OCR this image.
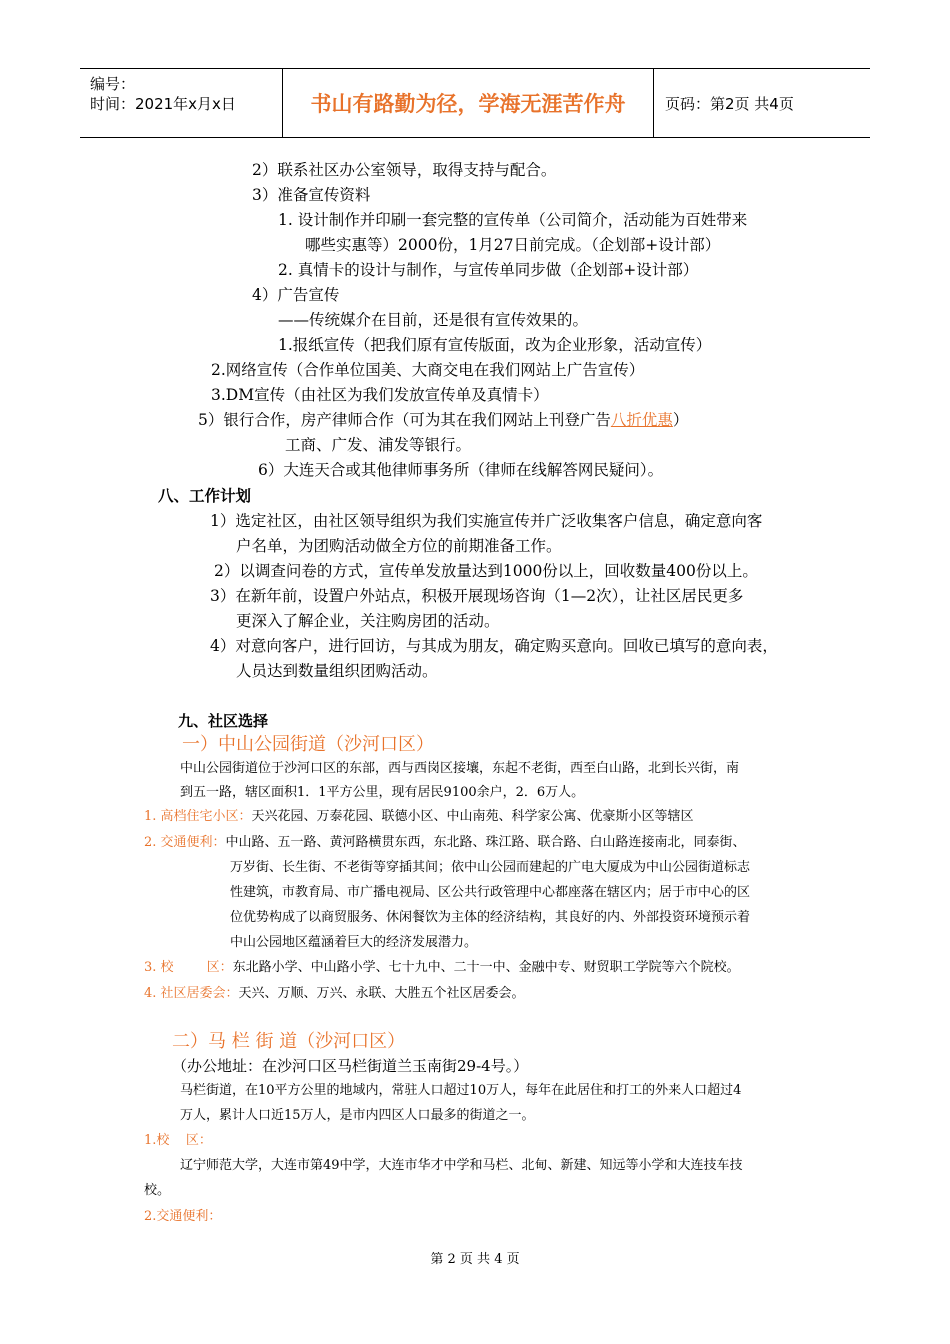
编号：
时间：2021年x月x日	书山有路勤为径，学海无涯苦作舟	页码：第2页 共4页
2）联系社区办公室领导，取得支持与配合。
3）准备宣传资料
1. 设计制作并印刷一套完整的宣传单（公司简介，活动能为百姓带来
哪些实惠等）2000份，1月27日前完成。（企划部+设计部）
2. 真情卡的设计与制作，与宣传单同步做（企划部+设计部）
4）广告宣传
——传统媒介在目前，还是很有宣传效果的。
1.报纸宣传（把我们原有宣传版面，改为企业形象，活动宣传）
2.网络宣传（合作单位国美、大商交电在我们网站上广告宣传）
3.DM宣传（由社区为我们发放宣传单及真情卡）
5）银行合作，房产律师合作（可为其在我们网站上刊登广告八折优惠）
工商、广发、浦发等银行。
6）大连天合或其他律师事务所（律师在线解答网民疑问）。
八、工作计划
1）选定社区，由社区领导组织为我们实施宣传并广泛收集客户信息，确定意向客
户名单，为团购活动做全方位的前期准备工作。
2）以调查问卷的方式，宣传单发放量达到1000份以上，回收数量400份以上。
3）在新年前，设置户外站点，积极开展现场咨询（1—2次），让社区居民更多
更深入了解企业，关注购房团的活动。
4）对意向客户，进行回访，与其成为朋友，确定购买意向。回收已填写的意向表，
人员达到数量组织团购活动。
九、社区选择
一）中山公园街道（沙河口区）
中山公园街道位于沙河口区的东部，西与西岗区接壤，东起不老街，西至白山路，北到长兴街，南
到五一路，辖区面积1．1平方公里，现有居民9100余户，2．6万人。
1. 高档住宅小区：天兴花园、万泰花园、联德小区、中山南苑、科学家公寓、优豪斯小区等辖区
2. 交通便利：中山路、五一路、黄河路横贯东西，东北路、珠江路、联合路、白山路连接南北，同泰街、
万岁街、长生街、不老街等穿插其间；依中山公园而建起的广电大厦成为中山公园街道标志
性建筑，市教育局、市广播电视局、区公共行政管理中心都座落在辖区内；居于市中心的区
位优势构成了以商贸服务、休闲餐饮为主体的经济结构，其良好的内、外部投资环境预示着
中山公园地区蕴涵着巨大的经济发展潜力。
3. 校        区：东北路小学、中山路小学、七十九中、二十一中、金融中专、财贸职工学院等六个院校。
4. 社区居委会：天兴、万顺、万兴、永联、大胜五个社区居委会。
二）马 栏 街 道（沙河口区）
（办公地址：在沙河口区马栏街道兰玉南街29-4号。）
马栏街道，在10平方公里的地域内，常驻人口超过10万人，每年在此居住和打工的外来人口超过4
万人，累计人口近15万人，是市内四区人口最多的街道之一。
1.校    区：
辽宁师范大学，大连市第49中学，大连市华才中学和马栏、北甸、新建、知远等小学和大连技车技
校。
2.交通便利：
第 2 页 共 4 页
